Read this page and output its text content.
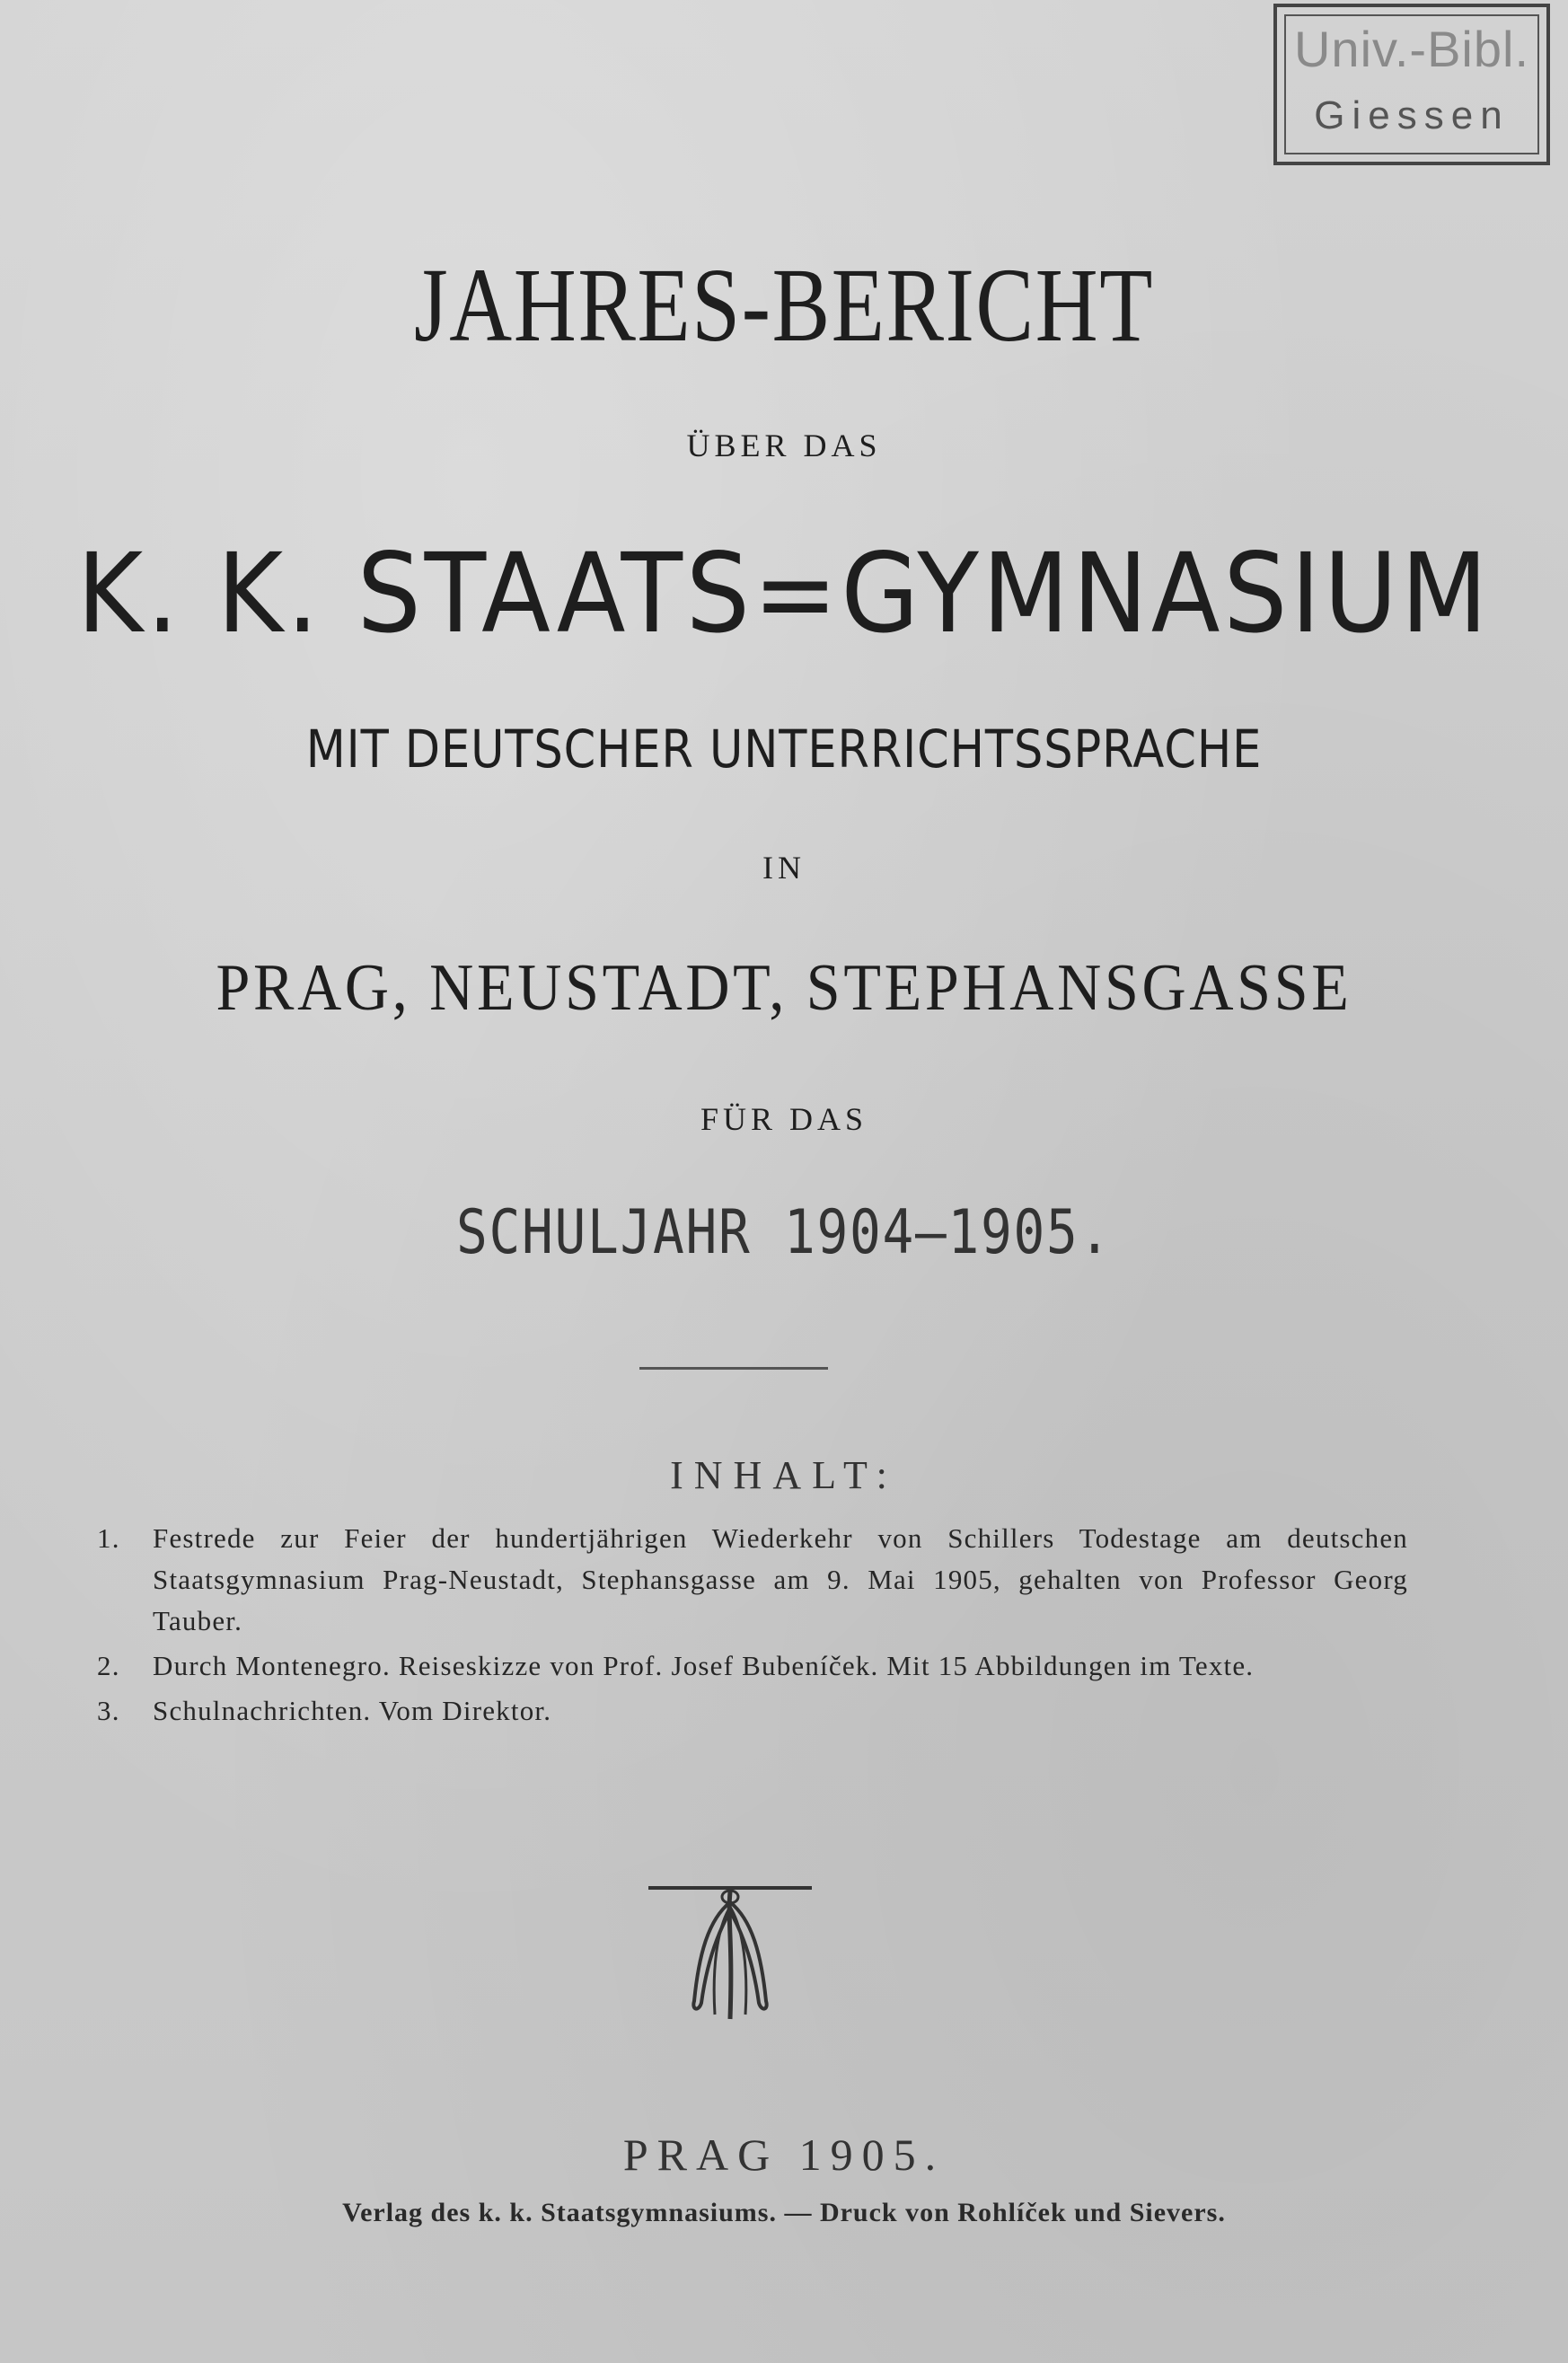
Univ.-Bibl.
Giessen
JAHRES-BERICHT
ÜBER DAS
K. K. STAATS=GYMNASIUM
MIT DEUTSCHER UNTERRICHTSSPRACHE
IN
PRAG, NEUSTADT, STEPHANSGASSE
FÜR DAS
SCHULJAHR 1904—1905.
INHALT:
1.	Festrede zur Feier der hundertjährigen Wiederkehr von Schillers Todestage am deutschen Staatsgymnasium Prag-Neustadt, Stephansgasse am 9. Mai 1905, gehalten von Professor Georg Tauber.
2.	Durch Montenegro. Reiseskizze von Prof. Josef Bubeníček. Mit 15 Abbildungen im Texte.
3.	Schulnachrichten. Vom Direktor.
PRAG 1905.
Verlag des k. k. Staatsgymnasiums. — Druck von Rohlíček und Sievers.
